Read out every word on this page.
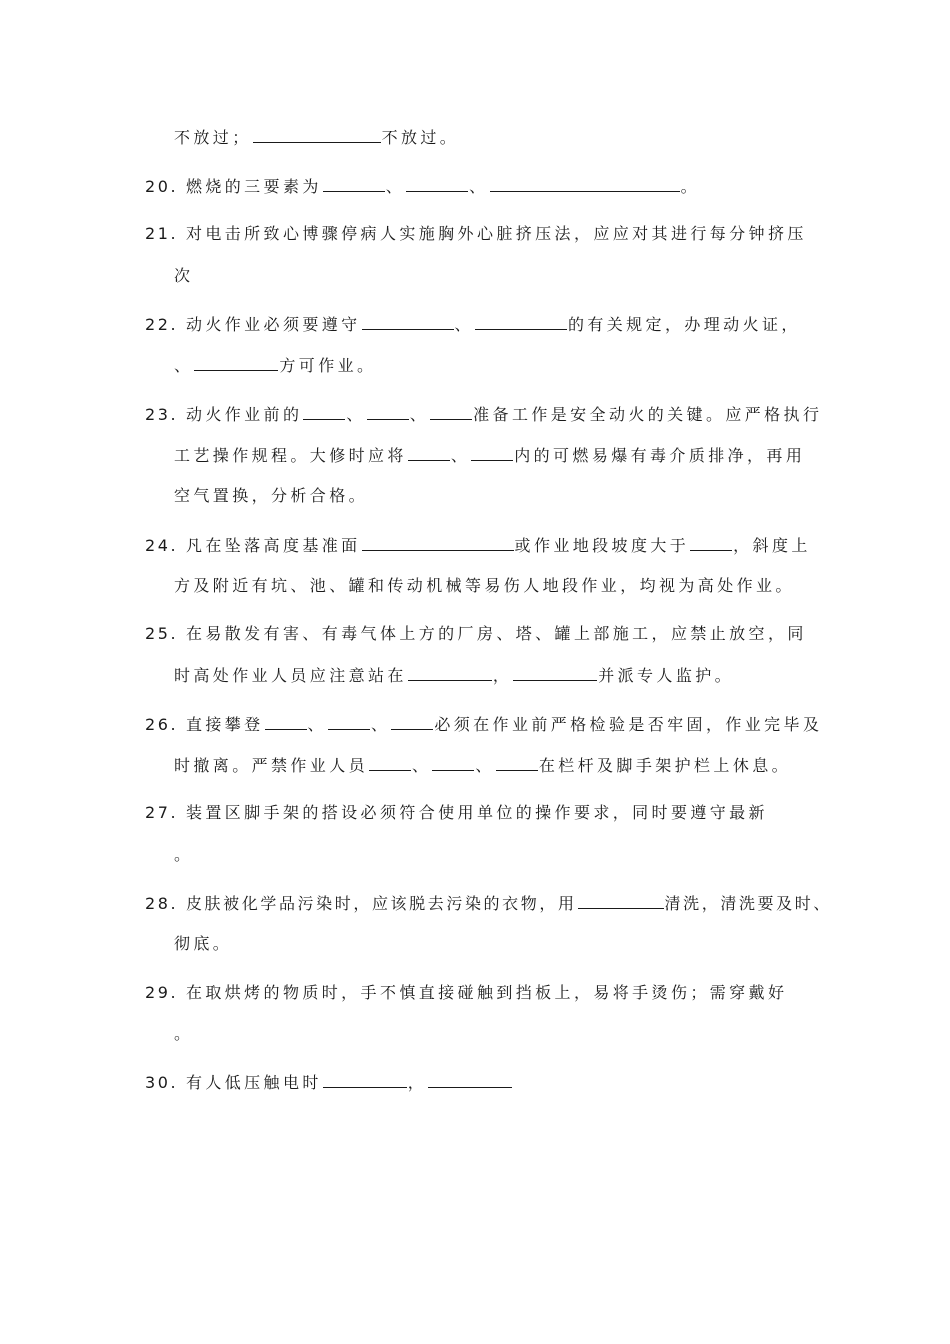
不放过；	不放过。
20. 燃烧的三要素为	、	、	。
21. 对电击所致心博骤停病人实施胸外心脏挤压法，应应对其进行每分钟挤压
次
22. 动火作业必须要遵守	、	的有关规定，办理动火证，
、	方可作业。
23. 动火作业前的	、	、	准备工作是安全动火的关键。应严格执行
工艺操作规程。大修时应将	、	内的可燃易爆有毒介质排净，再用
空气置换，分析合格。
24. 凡在坠落高度基准面	或作业地段坡度大于	，斜度上
方及附近有坑、池、罐和传动机械等易伤人地段作业，均视为高处作业。
25. 在易散发有害、有毒气体上方的厂房、塔、罐上部施工，应禁止放空，同
时高处作业人员应注意站在	，	并派专人监护。
26. 直接攀登	、	、	必须在作业前严格检验是否牢固，作业完毕及
时撤离。严禁作业人员	、	、	在栏杆及脚手架护栏上休息。
27. 装置区脚手架的搭设必须符合使用单位的操作要求，同时要遵守最新
。
28. 皮肤被化学品污染时，应该脱去污染的衣物，用	清洗，清洗要及时、
彻底。
29. 在取烘烤的物质时，手不慎直接碰触到挡板上，易将手烫伤；需穿戴好
。
30. 有人低压触电时	，
